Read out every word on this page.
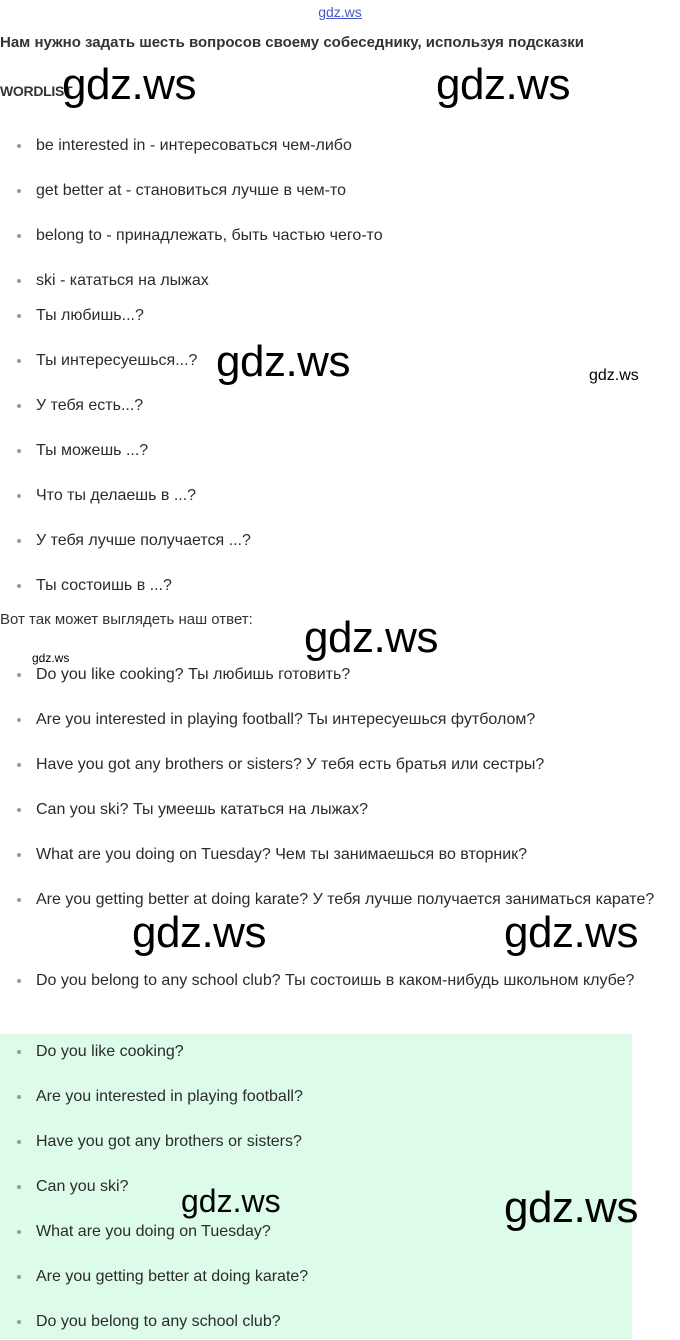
gdz.ws
Нам нужно задать шесть вопросов своему собеседнику, используя подсказки
WORDLIST
be interested in - интересоваться чем-либо
get better at - становиться лучше в чем-то
belong to - принадлежать, быть частью чего-то
ski - кататься на лыжах
Ты любишь...?
Ты интересуешься...?
У тебя есть...?
Ты можешь ...?
Что ты делаешь в ...?
У тебя лучше получается ...?
Ты состоишь в ...?
Вот так может выглядеть наш ответ:
Do you like cooking? Ты любишь готовить?
Are you interested in playing football? Ты интересуешься футболом?
Have you got any brothers or sisters? У тебя есть братья или сестры?
Can you ski? Ты умеешь кататься на лыжах?
What are you doing on Tuesday? Чем ты занимаешься во вторник?
Are you getting better at doing karate? У тебя лучше получается заниматься карате?
Do you belong to any school club? Ты состоишь в каком-нибудь школьном клубе?
Do you like cooking?
Are you interested in playing football?
Have you got any brothers or sisters?
Can you ski?
What are you doing on Tuesday?
Are you getting better at doing karate?
Do you belong to any school club?
gdz.ws	gdz.ws
gdz.ws	gdz.ws
gdz.ws
gdz.ws
gdz.ws	gdz.ws
gdz.ws	gdz.ws
